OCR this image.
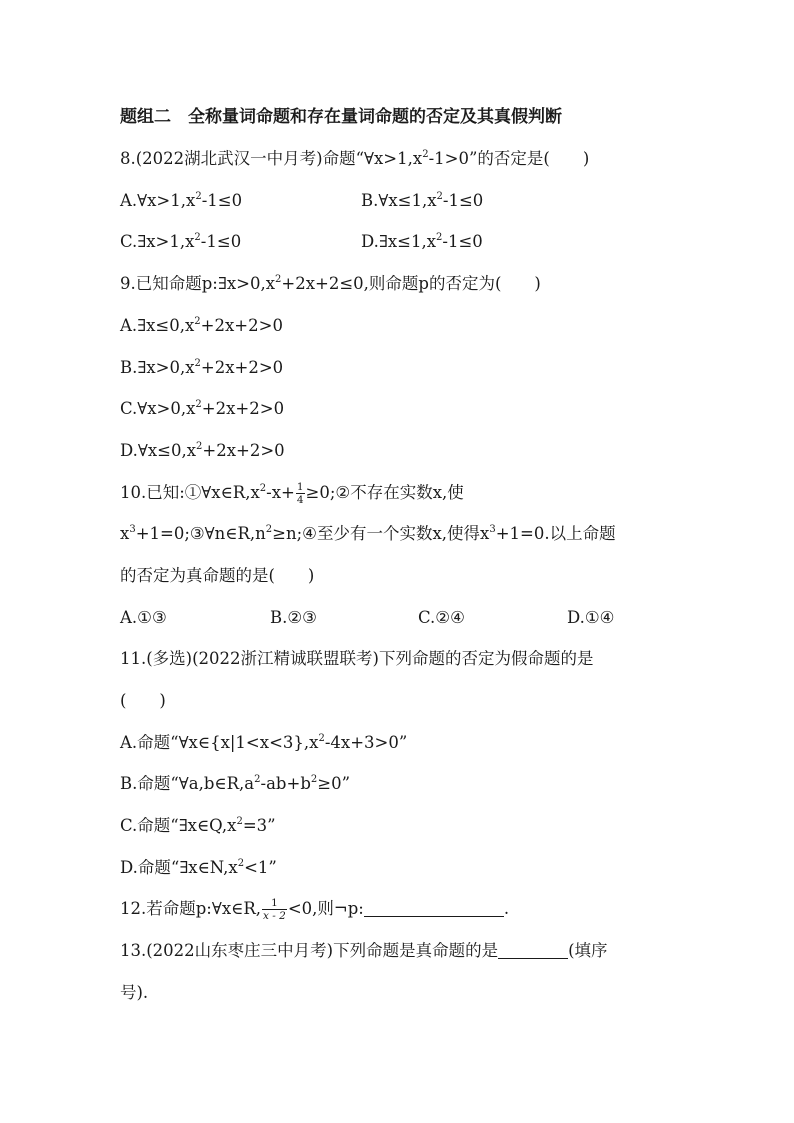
题组二　全称量词命题和存在量词命题的否定及其真假判断
8.(2022湖北武汉一中月考)命题“$\forall x>1,x^2-1>0$”的否定是(　　)
$A.\forall x>1,x^2-1\le 0$	$B.\forall x\le 1,x^2-1\le 0$
$C.\exists x>1,x^2-1\le 0$	$D.\exists x\le 1,x^2-1\le 0$
9.已知命题$p:\exists x>0,x^2+2x+2\le 0$,则命题p的否定为(　　)
$A.\exists x\le 0,x^2+2x+2>0$
$B.\exists x>0,x^2+2x+2>0$
$C.\forall x>0,x^2+2x+2>0$
$D.\forall x\le 0,x^2+2x+2>0$
10.已知$:①\forall x\in R,x^2-x+ \frac{1}{4}$ ≥0;②不存在实数x,使
$x^3+1=0;③\forall n\in R,n^2\ge n;④$至少有一个实数x,使得$x^3+1=0$.以上命题
的否定为真命题的是(　　)
A.①③	B.②③	C.②④	D.①④
11.(多选)(2022浙江精诚联盟联考)下列命题的否定为假命题的是
(　　)
A.命题“$\forall x\in\{x|1<x<3\},x^2-4x+3>0$”
B.命题“$\forall a,b\in R,a^2-ab+b^2\ge 0$”
C.命题“$\exists x\in Q,x^2=3$”
D.命题“$\exists x\in N,x^2<1$”
12.若命题p:∀x∈R, $\frac{1}{x - 2} <0$,则¬p:	.
13.(2022山东枣庄三中月考)下列命题是真命题的是	(填序
号).
